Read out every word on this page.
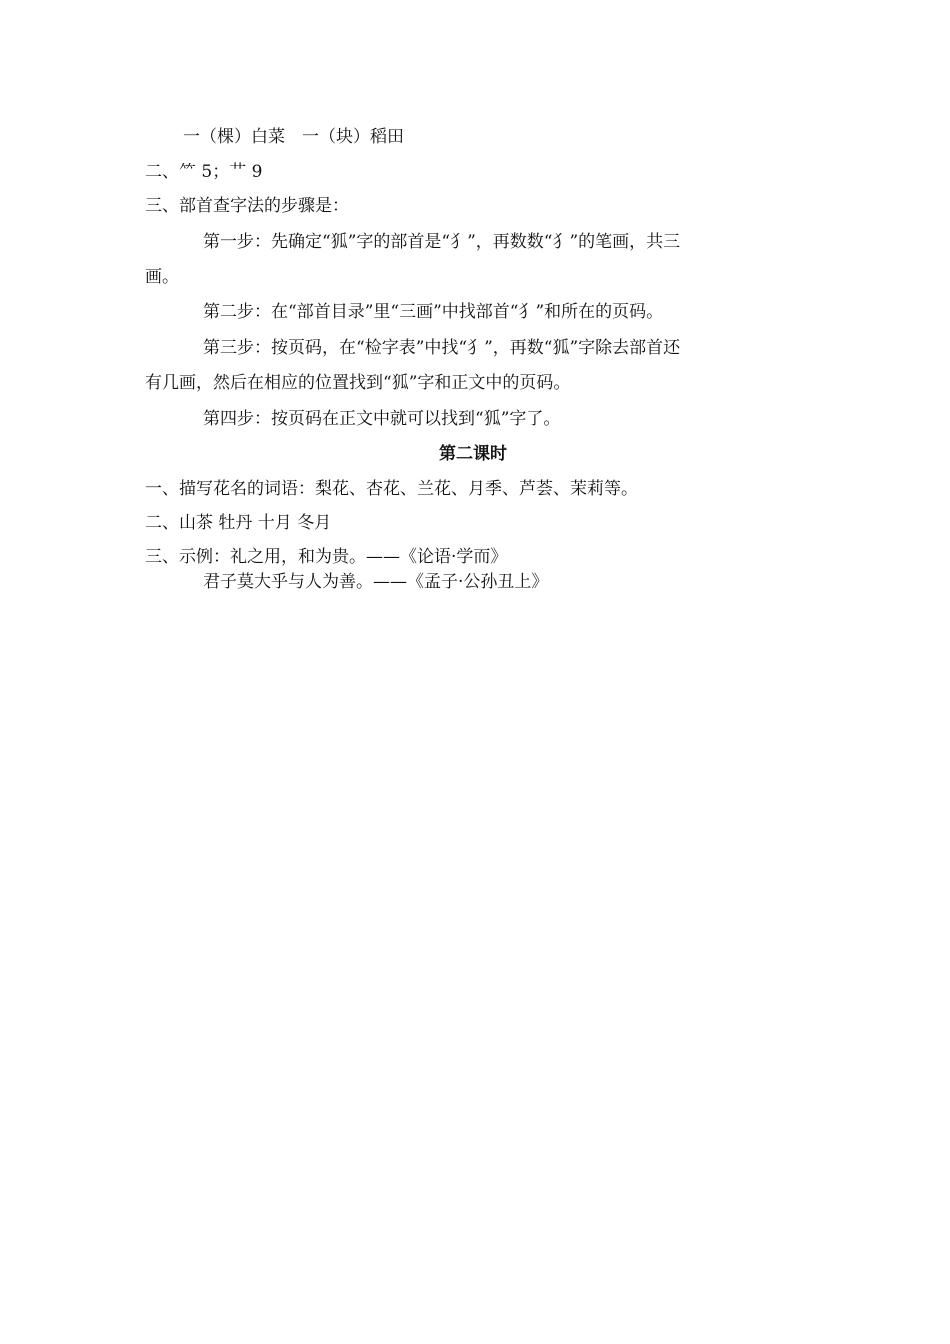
一（棵）白菜　一（块）稻田
二、⺮ 5；艹 9
三、部首查字法的步骤是：
第一步：先确定“狐”字的部首是“犭”，再数数“犭”的笔画，共三
画。
第二步：在“部首目录”里“三画”中找部首“犭”和所在的页码。
第三步：按页码，在“检字表”中找“犭”，再数“狐”字除去部首还
有几画，然后在相应的位置找到“狐”字和正文中的页码。
第四步：按页码在正文中就可以找到“狐”字了。
第二课时
一、描写花名的词语：梨花、杏花、兰花、月季、芦荟、茉莉等。
二、山茶 牡丹 十月 冬月
三、示例：礼之用，和为贵。——《论语·学而》
君子莫大乎与人为善。——《孟子·公孙丑上》
